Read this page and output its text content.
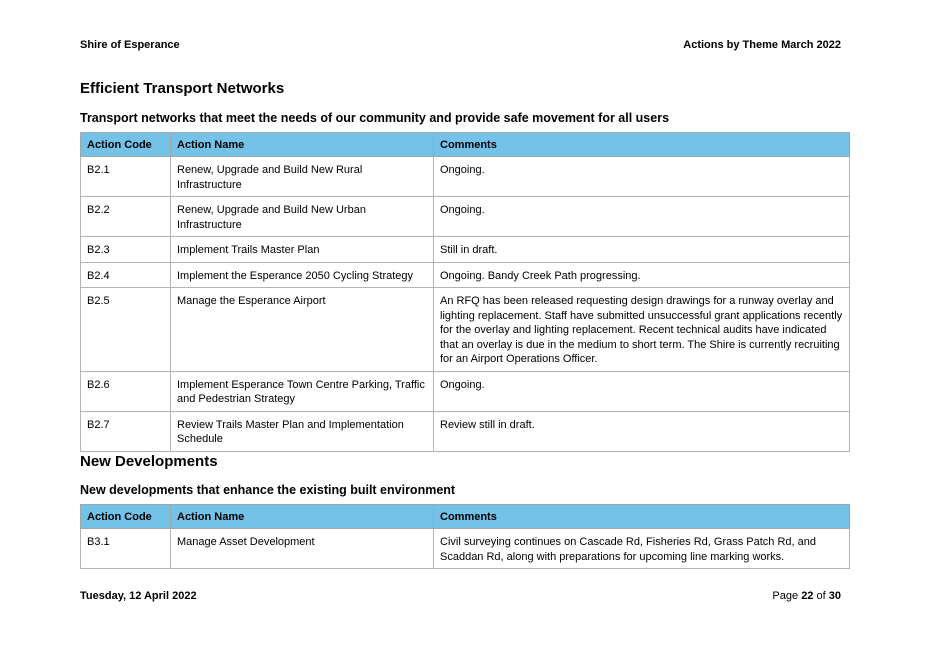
Shire of Esperance	Actions by Theme March 2022
Efficient Transport Networks
Transport networks that meet the needs of our community and provide safe movement for all users
Action Code	Action Name	Comments
B2.1	Renew, Upgrade and Build New Rural Infrastructure	Ongoing.
B2.2	Renew, Upgrade and Build New Urban Infrastructure	Ongoing.
B2.3	Implement Trails Master Plan	Still in draft.
B2.4	Implement the Esperance 2050 Cycling Strategy	Ongoing. Bandy Creek Path progressing.
B2.5	Manage the Esperance Airport	An RFQ has been released requesting design drawings for a runway overlay and lighting replacement. Staff have submitted unsuccessful grant applications recently for the overlay and lighting replacement. Recent technical audits have indicated that an overlay is due in the medium to short term. The Shire is currently recruiting for an Airport Operations Officer.
B2.6	Implement Esperance Town Centre Parking, Traffic and Pedestrian Strategy	Ongoing.
B2.7	Review Trails Master Plan and Implementation Schedule	Review still in draft.
New Developments
New developments that enhance the existing built environment
Action Code	Action Name	Comments
B3.1	Manage Asset Development	Civil surveying continues on Cascade Rd, Fisheries Rd, Grass Patch Rd, and Scaddan Rd, along with preparations for upcoming line marking works.
Tuesday, 12 April 2022	Page 22 of 30
